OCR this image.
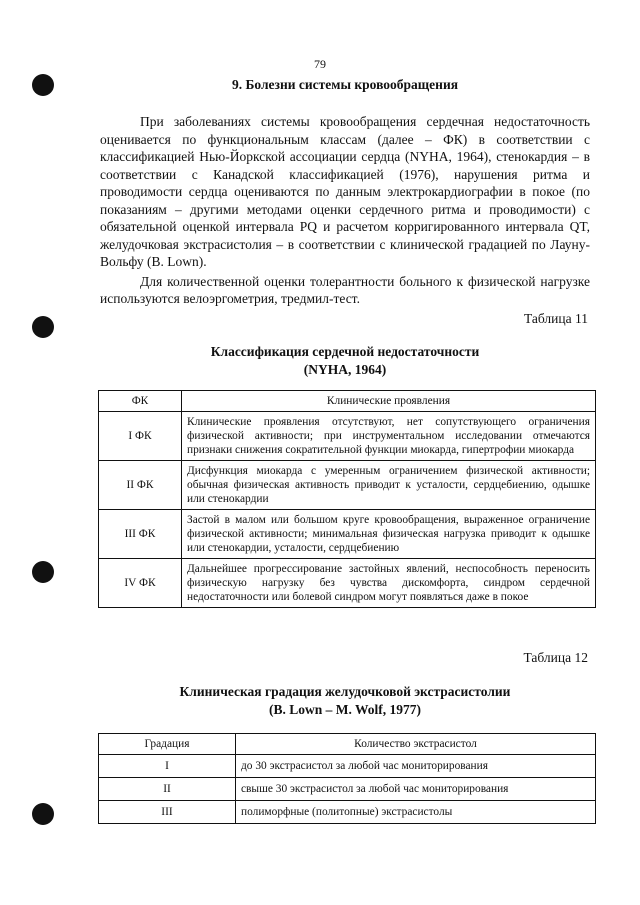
79
9. Болезни системы кровообращения

При заболеваниях системы кровообращения сердечная недостаточность оценивается по функциональным классам (далее – ФК) в соответствии с классификацией Нью-Йоркской ассоциации сердца (NYHA, 1964), стенокардия – в соответствии с Канадской классификацией (1976), нарушения ритма и проводимости сердца оцениваются по данным электрокардиографии в покое (по показаниям – другими методами оценки сердечного ритма и проводимости) с обязательной оценкой интервала PQ и расчетом корригированного интервала QT, желудочковая экстрасистолия – в соответствии с клинической градацией по Лауну-Вольфу (B. Lown).

Для количественной оценки толерантности больного к физической нагрузке используются велоэргометрия, тредмил-тест.

Таблица 11
Классификация сердечной недостаточности
(NYHA, 1964)
ФК	Клинические проявления
I ФК	Клинические проявления отсутствуют, нет сопутствующего ограничения физической активности; при инструментальном исследовании отмечаются признаки снижения сократительной функции миокарда, гипертрофии миокарда
II ФК	Дисфункция миокарда с умеренным ограничением физической активности; обычная физическая активность приводит к усталости, сердцебиению, одышке или стенокардии
III ФК	Застой в малом или большом круге кровообращения, выраженное ограничение физической активности; минимальная физическая нагрузка приводит к одышке или стенокардии, усталости, сердцебиению
IV ФК	Дальнейшее прогрессирование застойных явлений, неспособность переносить физическую нагрузку без чувства дискомфорта, синдром сердечной недостаточности или болевой синдром могут появляться даже в покое
Таблица 12
Клиническая градация желудочковой экстрасистолии
(B. Lown – M. Wolf, 1977)
Градация	Количество экстрасистол
I	до 30 экстрасистол за любой час мониторирования
II	свыше 30 экстрасистол за любой час мониторирования
III	полиморфные (политопные) экстрасистолы
